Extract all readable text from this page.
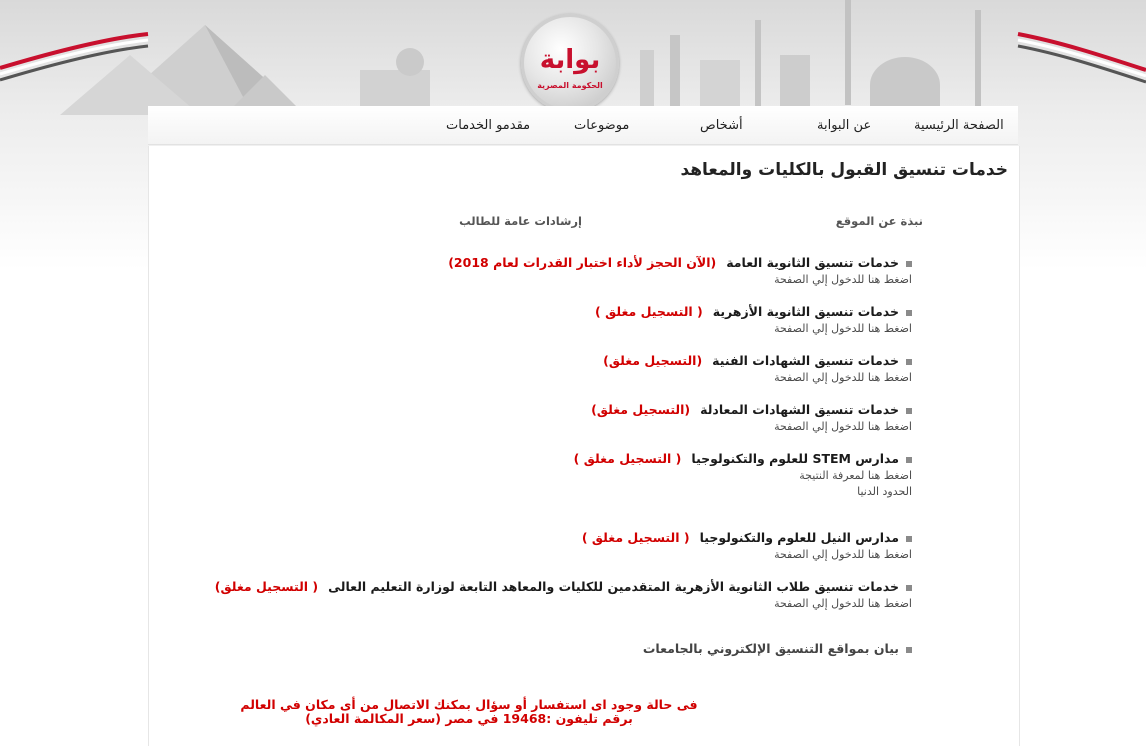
بوابة
الحكومة المصرية
الصفحة الرئيسية
عن البوابة
أشخاص
موضوعات
مقدمو الخدمات
خدمات تنسيق القبول بالكليات والمعاهد
نبذة عن الموقع
إرشادات عامة للطالب
خدمات تنسيق الثانوية العامة(الآن الحجز لأداء اختبار القدرات لعام 2018)
اضغط هنا للدخول إلي الصفحة
خدمات تنسيق الثانوية الأزهرية( التسجيل مغلق )
اضغط هنا للدخول إلي الصفحة
خدمات تنسيق الشهادات الفنية(التسجيل مغلق)
اضغط هنا للدخول إلي الصفحة
خدمات تنسيق الشهادات المعادلة(التسجيل مغلق)
اضغط هنا للدخول إلي الصفحة
مدارس STEM للعلوم والتكنولوجيا( التسجيل مغلق )
اضغط هنا لمعرفة النتيجة
الحدود الدنيا
مدارس النيل للعلوم والتكنولوجيا( التسجيل مغلق )
اضغط هنا للدخول إلي الصفحة
خدمات تنسيق طلاب الثانوية الأزهرية المتقدمين للكليات والمعاهد التابعة لوزارة التعليم العالى( التسجيل مغلق)
اضغط هنا للدخول إلي الصفحة
بيان بمواقع التنسيق الإلكتروني بالجامعات
فى حالة وجود اى استفسار أو سؤال بمكنك الاتصال من أى مكان في العالم
برقم تليفون :19468 في مصر (سعر المكالمة العادي)
